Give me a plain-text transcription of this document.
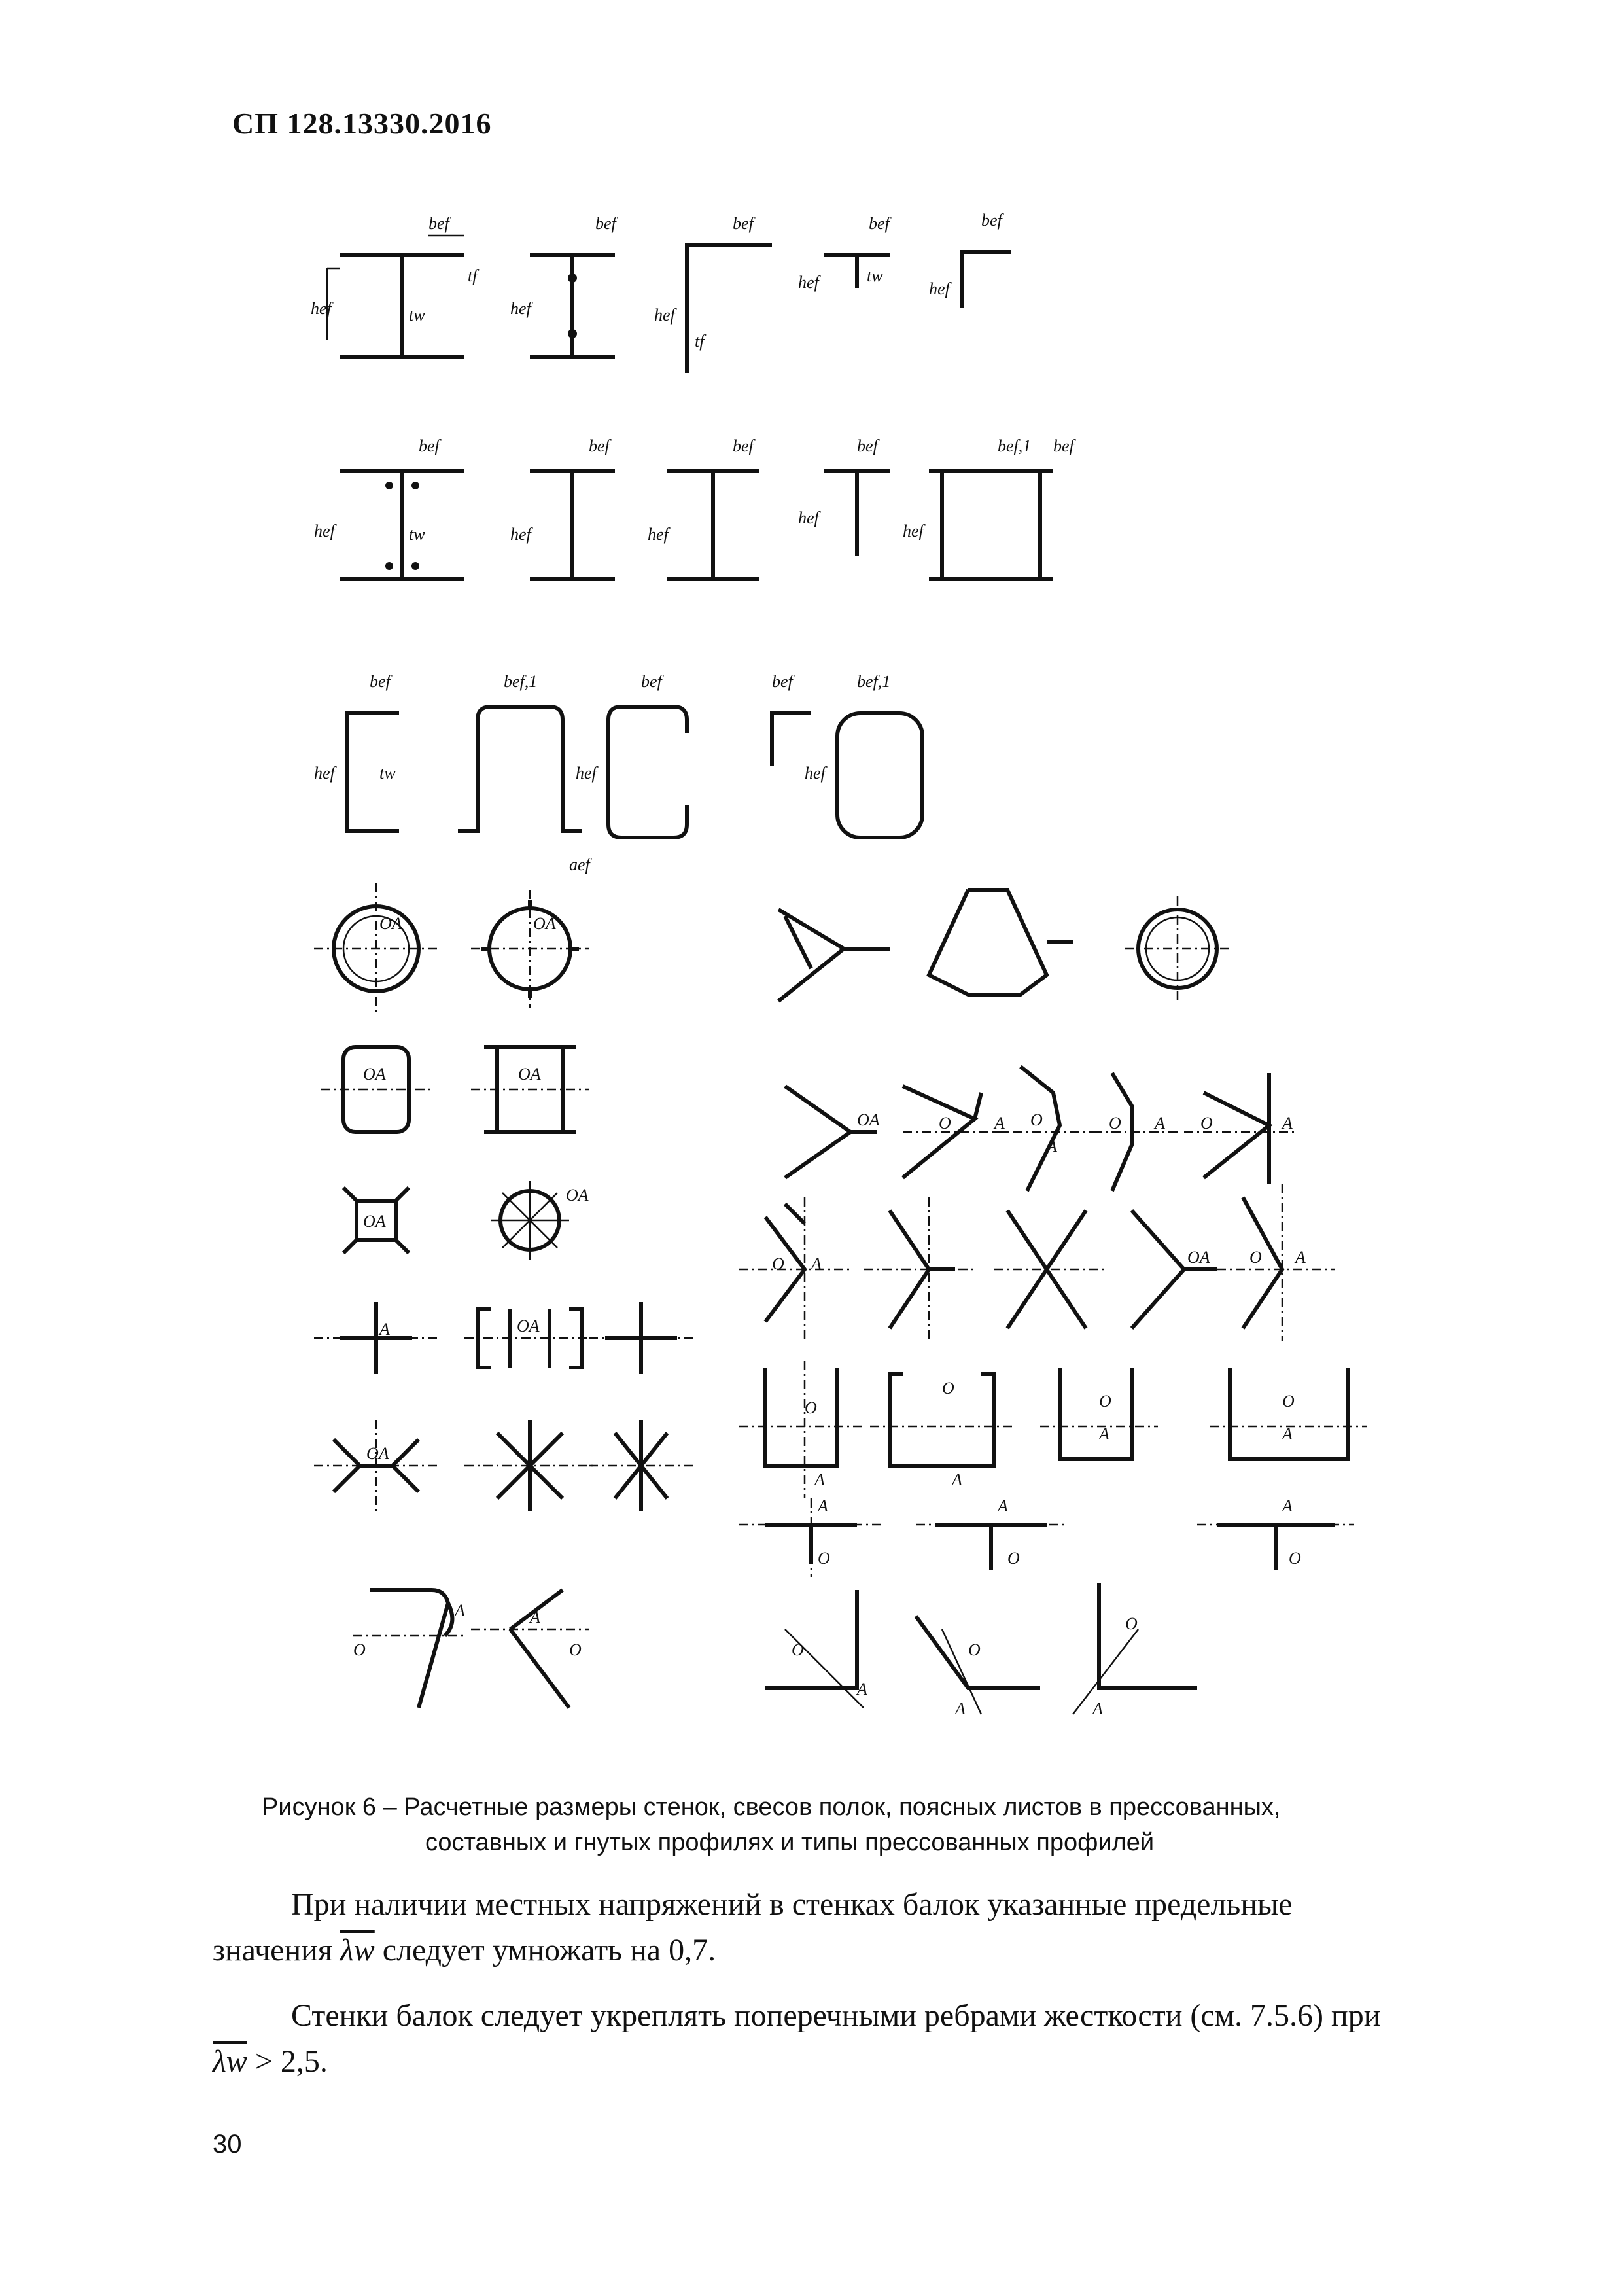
СП 128.13330.2016
bef
hef	tw
tf
bef
hef
bef
hef
tf
bef
hef	tw
bef
hef
bef
hef	tw
bef
hef
bef
hef
bef
hef
bef,1 bef
hef
bef
hef	tw
bef,1
aef
bef
hef
bef	bef,1
hef
OA	OA
OA	OA
OA
OA
A	OA
OA
O
A	A
O
OA	O	A O
A
O A O	A
O A	OA O A
O
A
O
A
O
A
O
A
A
O
A
O
A
O
O
A
O
A
O
A
Рисунок 6 – Расчетные размеры стенок, свесов полок, поясных листов в прессованных,
составных и гнутых профилях и типы прессованных профилей
При наличии местных напряжений в стенках балок указанные предельные
значения $\overline{\lambda w}$ следует умножать на 0,7.
Стенки балок следует укреплять поперечными ребрами жесткости (см. 7.5.6) при
$\overline{\lambda w} > 2,5$.
30
